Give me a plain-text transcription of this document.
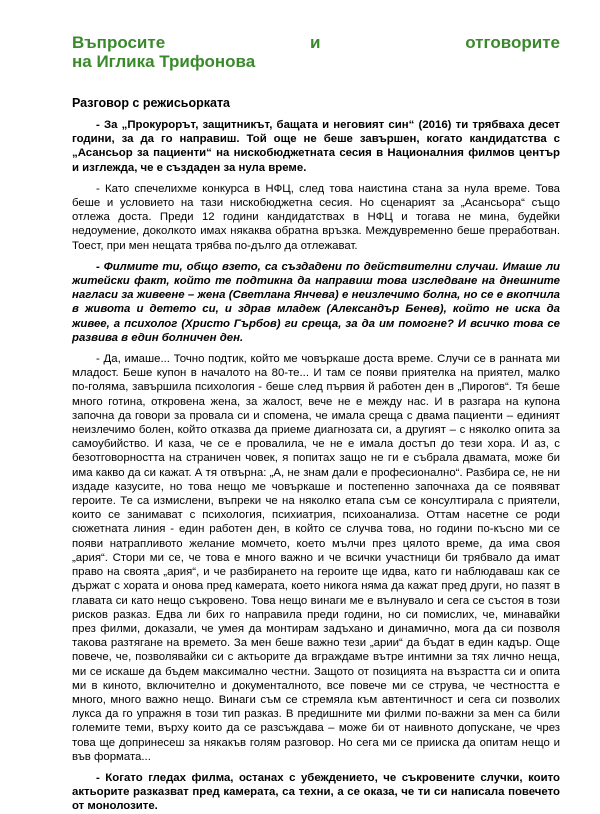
Въпросите	и	отговорите
на Иглика Трифонова
Разговор с режисьорката

- За „Прокурорът, защитникът, бащата и неговият син“ (2016) ти трябваха десет години, за да го направиш. Той още не беше завършен, когато кандидатства с „Асансьор за пациенти“ на нискобюджетната сесия в Националния филмов център и изглежда, че е създаден за нула време.

- Като спечелихме конкурса в НФЦ, след това наистина стана за нула време. Това беше и условието на тази нискобюджетна сесия. Но сценарият за „Асансьора“ също отлежа доста. Преди 12 години кандидатствах в НФЦ и тогава не мина, будейки недоумение, доколкото имах някаква обратна връзка. Междувременно беше преработван. Тоест, при мен нещата трябва по-дълго да отлежават.

- Филмите ти, общо взето, са създадени по действителни случаи. Имаше ли житейски факт, който те подтикна да направиш това изследване на днешните нагласи за живеене – жена (Светлана Янчева) е неизлечимо болна, но се е вкопчила в живота и детето си, и здрав младеж (Александър Бенев), който не иска да живее, а психолог (Христо Гърбов) ги среща, за да им помогне? И всичко това се развива в един болничен ден.

- Да, имаше... Точно подтик, който ме човъркаше доста време. Случи се в ранната ми младост. Беше купон в началото на 80-те... И там се появи приятелка на приятел, малко по-голяма, завършила психология - беше след първия й работен ден в „Пирогов“. Тя беше много готина, откровена жена, за жалост, вече не е между нас. И в разгара на купона започна да говори за провала си и спомена, че имала среща с двама пациенти – единият неизлечимо болен, който отказва да приеме диагнозата си, а другият – с няколко опита за самоубийство. И каза, че се е провалила, че не е имала достъп до тези хора. И аз, с безотговорността на страничен човек, я попитах защо не ги е събрала двамата, може би има какво да си кажат. А тя отвърна: „А, не знам дали е професионално“. Разбира се, не ни издаде казусите, но това нещо ме човъркаше и постепенно започнаха да се появяват героите. Те са измислени, въпреки че на няколко етапа съм се консултирала с приятели, които се занимават с психология, психиатрия, психоанализа. Оттам насетне се роди сюжетната линия - един работен ден, в който се случва това, но години по-късно ми се появи натрапливото желание момчето, което мълчи през цялото време, да има своя „ария“. Стори ми се, че това е много важно и че всички участници би трябвало да имат право на своята „ария“, и че разбирането на героите ще идва, като ги наблюдаваш как се държат с хората и онова пред камерата, което никога няма да кажат пред други, но пазят в главата си като нещо съкровено. Това нещо винаги ме е вълнувало и сега се състоя в този рисков разказ. Едва ли бих го направила преди години, но си помислих, че, минавайки през филми, доказали, че умея да монтирам задъхано и динамично, мога да си позволя такова разтягане на времето. За мен беше важно тези „арии“ да бъдат в един кадър. Още повече, че, позволявайки си с актьорите да вграждаме вътре интимни за тях лично неща, ми се искаше да бъдем максимално честни. Защото от позицията на възрастта си и опита ми в киното, включително и документалното, все повече ми се струва, че честността е много, много важно нещо. Винаги съм се стремяла към автентичност и сега си позволих лукса да го упражня в този тип разказ. В предишните ми филми по-важни за мен са били големите теми, върху които да се разсъждава – може би от наивното допускане, че чрез това ще допринесеш за някакъв голям разговор. Но сега ми се прииска да опитам нещо и във формата...

- Когато гледах филма, останах с убеждението, че съкровените случки, които актьорите разказват пред камерата, са техни, а се оказа, че ти си написала повечето от монолозите.
